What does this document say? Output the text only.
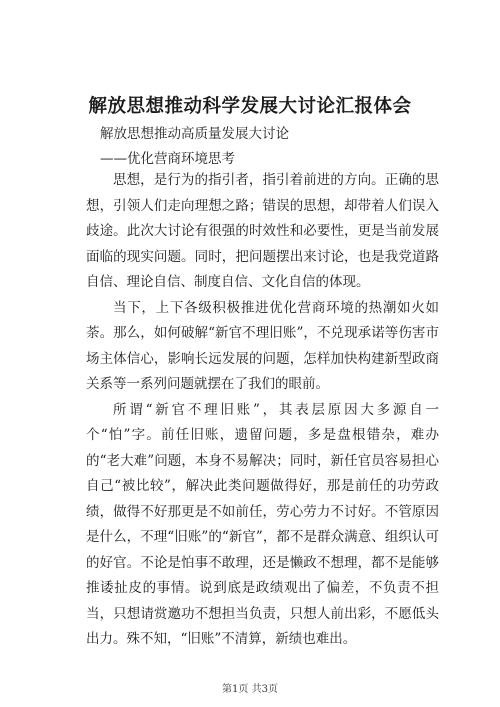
解放思想推动科学发展大讨论汇报体会

解放思想推动高质量发展大讨论

——优化营商环境思考

思想，是行为的指引者，指引着前进的方向。正确的思想，引领人们走向理想之路；错误的思想，却带着人们误入歧途。此次大讨论有很强的时效性和必要性，更是当前发展面临的现实问题。同时，把问题摆出来讨论，也是我党道路自信、理论自信、制度自信、文化自信的体现。

当下，上下各级积极推进优化营商环境的热潮如火如荼。那么，如何破解“新官不理旧账”，不兑现承诺等伤害市场主体信心，影响长远发展的问题，怎样加快构建新型政商关系等一系列问题就摆在了我们的眼前。

所谓“新官不理旧账”，其表层原因大多源自一个“怕”字。前任旧账，遗留问题，多是盘根错杂，难办的“老大难”问题，本身不易解决；同时，新任官员容易担心自己“被比较”，解决此类问题做得好，那是前任的功劳政绩，做得不好那更是不如前任，劳心劳力不讨好。不管原因是什么，不理“旧账”的“新官”，都不是群众满意、组织认可的好官。不论是怕事不敢理，还是懒政不想理，都不是能够推诿扯皮的事情。说到底是政绩观出了偏差，不负责不担当，只想请赏邀功不想担当负责，只想人前出彩，不愿低头出力。殊不知，“旧账”不清算，新绩也难出。

第1页 共3页
